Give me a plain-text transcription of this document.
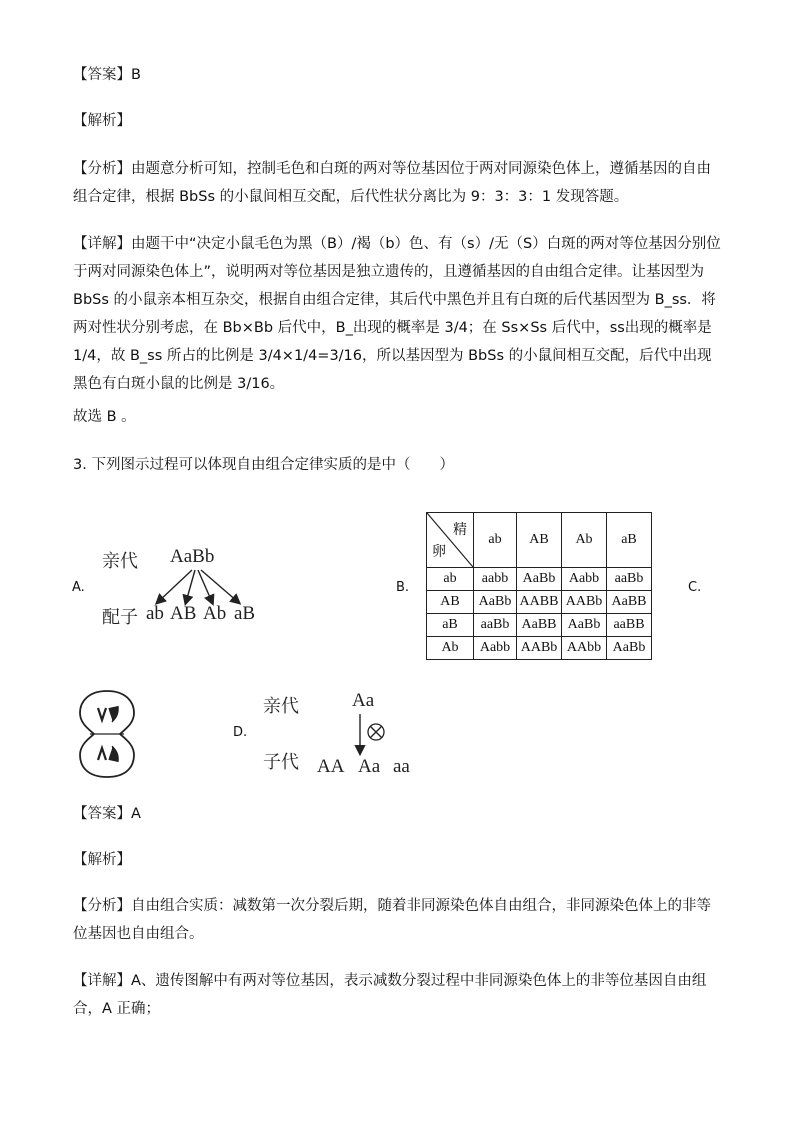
【答案】B

【解析】

【分析】由题意分析可知，控制毛色和白斑的两对等位基因位于两对同源染色体上，遵循基因的自由组合定律，根据 BbSs 的小鼠间相互交配，后代性状分离比为 9：3：3：1 发现答题。

【详解】由题干中“决定小鼠毛色为黑（B）/褐（b）色、有（s）/无（S）白斑的两对等位基因分别位于两对同源染色体上”，说明两对等位基因是独立遗传的，且遵循基因的自由组合定律。让基因型为 BbSs 的小鼠亲本相互杂交，根据自由组合定律，其后代中黑色并且有白斑的后代基因型为 B_ss．将两对性状分别考虑，在 Bb×Bb 后代中，B_出现的概率是 3/4；在 Ss×Ss 后代中，ss出现的概率是 1/4，故 B_ss 所占的比例是 3/4×1/4=3/16，所以基因型为 BbSs 的小鼠间相互交配，后代中出现黑色有白斑小鼠的比例是 3/16。

故选 B 。

3. 下列图示过程可以体现自由组合定律实质的是中（　　）

A.
亲代 AaBb
配子 ab AB Ab aB
B.
精
卵	ab	AB	Ab	aB
ab	aabb	AaBb	Aabb	aaBb
AB	AaBb	AABB	AABb	AaBB
aB	aaBb	AaBB	AaBb	aaBB
Ab	Aabb	AABb	AAbb	AaBb
C.
D.
亲代	Aa
子代 AA Aa aa

【答案】A

【解析】

【分析】自由组合实质：减数第一次分裂后期，随着非同源染色体自由组合，非同源染色体上的非等位基因也自由组合。

【详解】A、遗传图解中有两对等位基因，表示减数分裂过程中非同源染色体上的非等位基因自由组合，A 正确；
